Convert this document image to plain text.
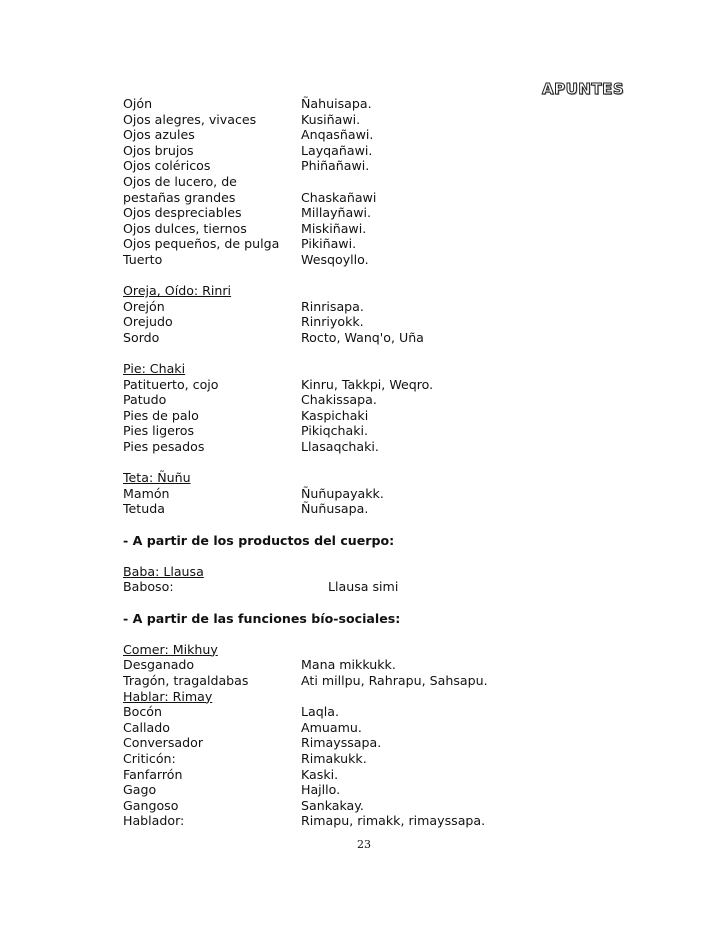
APUNTES
Ojón	Ñahuisapa.
Ojos alegres, vivaces	Kusiñawi.
Ojos azules	Anqasñawi.
Ojos brujos	Layqañawi.
Ojos coléricos	Phiñañawi.
Ojos de lucero, de
pestañas grandes	Chaskañawi
Ojos despreciables	Millayñawi.
Ojos dulces, tiernos	Miskiñawi.
Ojos pequeños, de pulga	Pikiñawi.
Tuerto	Wesqoyllo.
Oreja, Oído: Rinri
Orejón	Rinrisapa.
Orejudo	Rinriyokk.
Sordo	Rocto, Wanq'o, Uña
Pie: Chaki
Patituerto, cojo	Kinru, Takkpi, Weqro.
Patudo	Chakissapa.
Pies de palo	Kaspichaki
Pies ligeros	Pikiqchaki.
Pies pesados	Llasaqchaki.
Teta: Ñuñu
Mamón	Ñuñupayakk.
Tetuda	Ñuñusapa.
- A partir de los productos del cuerpo:
Baba: Llausa
Baboso:	Llausa simi
- A partir de las funciones bío-sociales:
Comer: Mikhuy
Desganado	Mana mikkukk.
Tragón, tragaldabas	Ati millpu, Rahrapu, Sahsapu.
Hablar: Rimay
Bocón	Laqla.
Callado	Amuamu.
Conversador	Rimayssapa.
Criticón:	Rimakukk.
Fanfarrón	Kaski.
Gago	Hajllo.
Gangoso	Sankakay.
Hablador:	Rimapu, rimakk, rimayssapa.
23
